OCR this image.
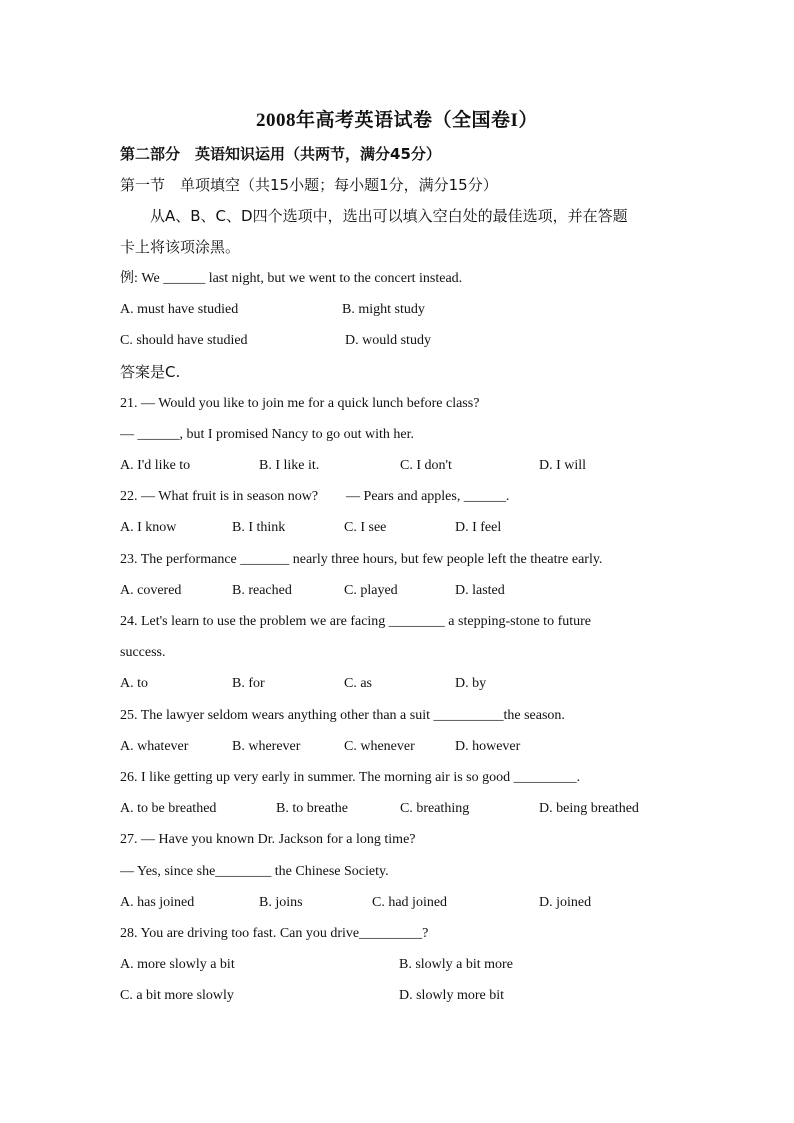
2008年高考英语试卷（全国卷I）
第二部分　英语知识运用（共两节，满分45分）
第一节　单项填空（共15小题；每小题1分，满分15分）
从A、B、C、D四个选项中，选出可以填入空白处的最佳选项，并在答题
卡上将该项涂黑。
例: We ______ last night, but we went to the concert instead.
A. must have studied	B. might study
C. should have studied	D. would study
答案是C.
21. — Would you like to join me for a quick lunch before class?
— ______, but I promised Nancy to go out with her.
A. I'd like to	B. I like it.	C. I don't	D. I will
22. — What fruit is in season now?　　— Pears and apples, ______.
A. I know	B. I think	C. I see	D. I feel
23. The performance _______ nearly three hours, but few people left the theatre early.
A. covered	B. reached	C. played	D. lasted
24. Let's learn to use the problem we are facing ________ a stepping-stone to future
success.
A. to	B. for	C. as	D. by
25. The lawyer seldom wears anything other than a suit __________the season.
A. whatever	B. wherever	C. whenever	D. however
26. I like getting up very early in summer. The morning air is so good _________.
A. to be breathed	B. to breathe	C. breathing	D. being breathed
27. — Have you known Dr. Jackson for a long time?
— Yes, since she________ the Chinese Society.
A. has joined	B. joins	C. had joined	D. joined
28. You are driving too fast. Can you drive_________?
A. more slowly a bit	B. slowly a bit more
C. a bit more slowly	D. slowly more bit
